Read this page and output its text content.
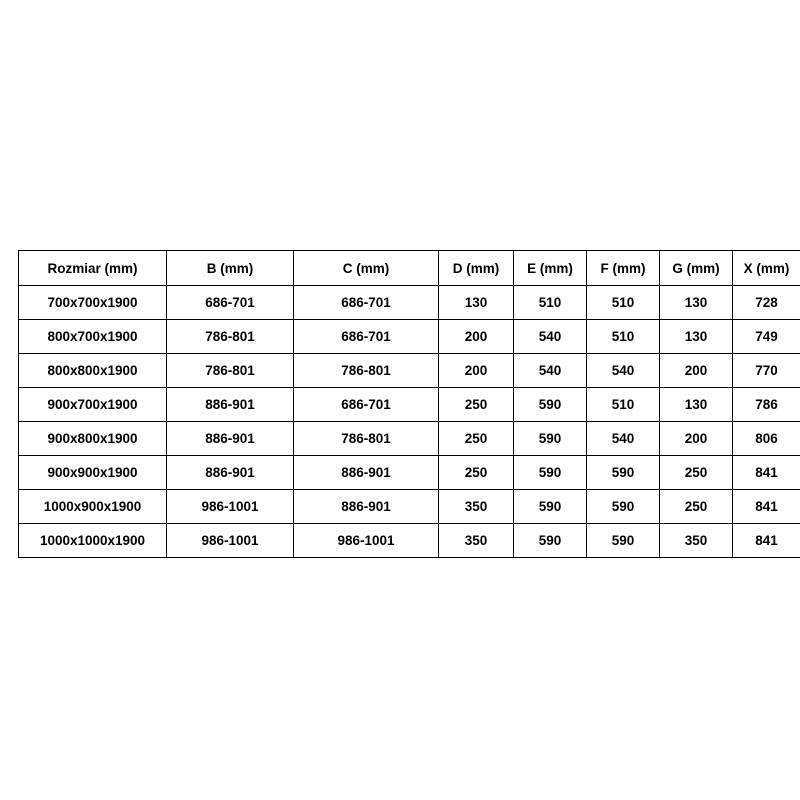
Rozmiar (mm)	B (mm)	C (mm)	D (mm)	E (mm)	F (mm)	G (mm)	X (mm)
700x700x1900	686-701	686-701	130	510	510	130	728
800x700x1900	786-801	686-701	200	540	510	130	749
800x800x1900	786-801	786-801	200	540	540	200	770
900x700x1900	886-901	686-701	250	590	510	130	786
900x800x1900	886-901	786-801	250	590	540	200	806
900x900x1900	886-901	886-901	250	590	590	250	841
1000x900x1900	986-1001	886-901	350	590	590	250	841
1000x1000x1900	986-1001	986-1001	350	590	590	350	841
